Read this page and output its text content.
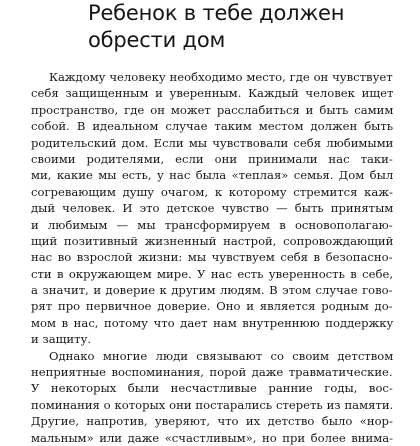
Ребенок в тебе должен
обрести дом

Каждому человеку необходимо место, где он чувствует
себя защищенным и уверенным. Каждый человек ищет
пространство, где он может расслабиться и быть самим
собой. В идеальном случае таким местом должен быть
родительский дом. Если мы чувствовали себя любимыми
своими родителями, если они принимали нас таки-
ми, какие мы есть, у нас была «теплая» семья. Дом был
согревающим душу очагом, к которому стремится каж-
дый человек. И это детское чувство — быть принятым
и любимым — мы трансформируем в основополагаю-
щий позитивный жизненный настрой, сопровождающий
нас во взрослой жизни: мы чувствуем себя в безопасно-
сти в окружающем мире. У нас есть уверенность в себе,
а значит, и доверие к другим людям. В этом случае гово-
рят про первичное доверие. Оно и является родным до-
мом в нас, потому что дает нам внутреннюю поддержку
и защиту.

Однако многие люди связывают со своим детством
неприятные воспоминания, порой даже травматические.
У некоторых были несчастливые ранние годы, вос-
поминания о которых они постарались стереть из памяти.
Другие, напротив, уверяют, что их детство было «нор-
мальным» или даже «счастливым», но при более внима-
